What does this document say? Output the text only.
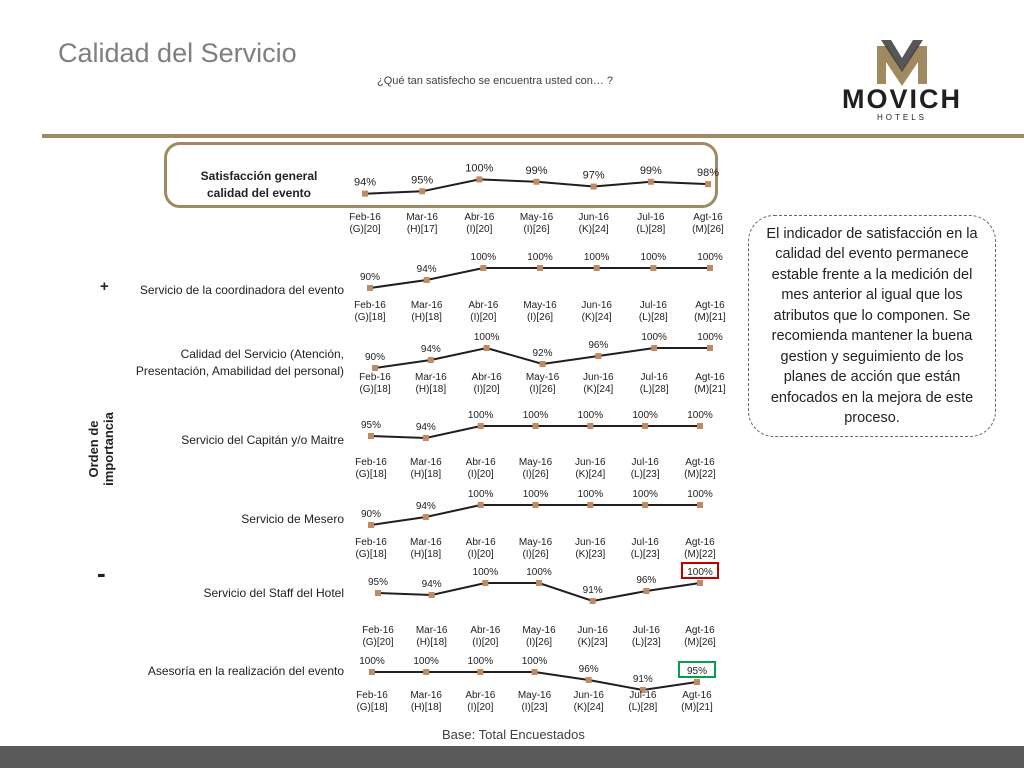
Calidad del Servicio
¿Qué tan satisfecho se encuentra usted con… ?
MOVICH
HOTELS
Satisfacción general calidad del evento
Servicio de la coordinadora del evento
Calidad del Servicio (Atención, Presentación, Amabilidad del personal)
Servicio del Capitán y/o Maitre
Servicio de Mesero
Servicio del Staff del Hotel
Asesoría en la realización del evento
+
-
Orden de importancia
El indicador de satisfacción en la calidad del evento permanece estable frente a la medición del mes anterior al igual que los atributos que lo componen. Se recomienda mantener la buena gestion y seguimiento de los planes de acción que están enfocados en la mejora de este proceso.
94%	95%
100%	99%	97%	99%	98%
Feb-16
(G)[20]
Mar-16
(H)[17]
Abr-16
(I)[20]
May-16
(I)[26]
Jun-16
(K)[24]
Jul-16
(L)[28]
Agt-16
(M)[26]
90%
94%
100%	100%	100%	100%	100%
Feb-16
(G)[18]
Mar-16
(H)[18]
Abr-16
(I)[20]
May-16
(I)[26]
Jun-16
(K)[24]
Jul-16
(L)[28]
Agt-16
(M)[21]
90%
94%
100%
92%
96%
100%	100%
Feb-16
(G)[18]
Mar-16
(H)[18]
Abr-16
(I)[20]
May-16
(I)[26]
Jun-16
(K)[24]
Jul-16
(L)[28]
Agt-16
(M)[21]
95%	94%
100%	100%	100%	100%	100%
Feb-16
(G)[18]
Mar-16
(H)[18]
Abr-16
(I)[20]
May-16
(I)[26]
Jun-16
(K)[24]
Jul-16
(L)[23]
Agt-16
(M)[22]
90%
94%
100%	100%	100%	100%	100%
Feb-16
(G)[18]
Mar-16
(H)[18]
Abr-16
(I)[20]
May-16
(I)[26]
Jun-16
(K)[23]
Jul-16
(L)[23]
Agt-16
(M)[22]
95%	94%
100%	100%
91%
96%
100%
Feb-16
(G)[20]
Mar-16
(H)[18]
Abr-16
(I)[20]
May-16
(I)[26]
Jun-16
(K)[23]
Jul-16
(L)[23]
Agt-16
(M)[26]
100%	100%	100%	100%
96%
91%
95%
Feb-16
(G)[18]
Mar-16
(H)[18]
Abr-16
(I)[20]
May-16
(I)[23]
Jun-16
(K)[24]
Jul-16
(L)[28]
Agt-16
(M)[21]
Base: Total Encuestados
